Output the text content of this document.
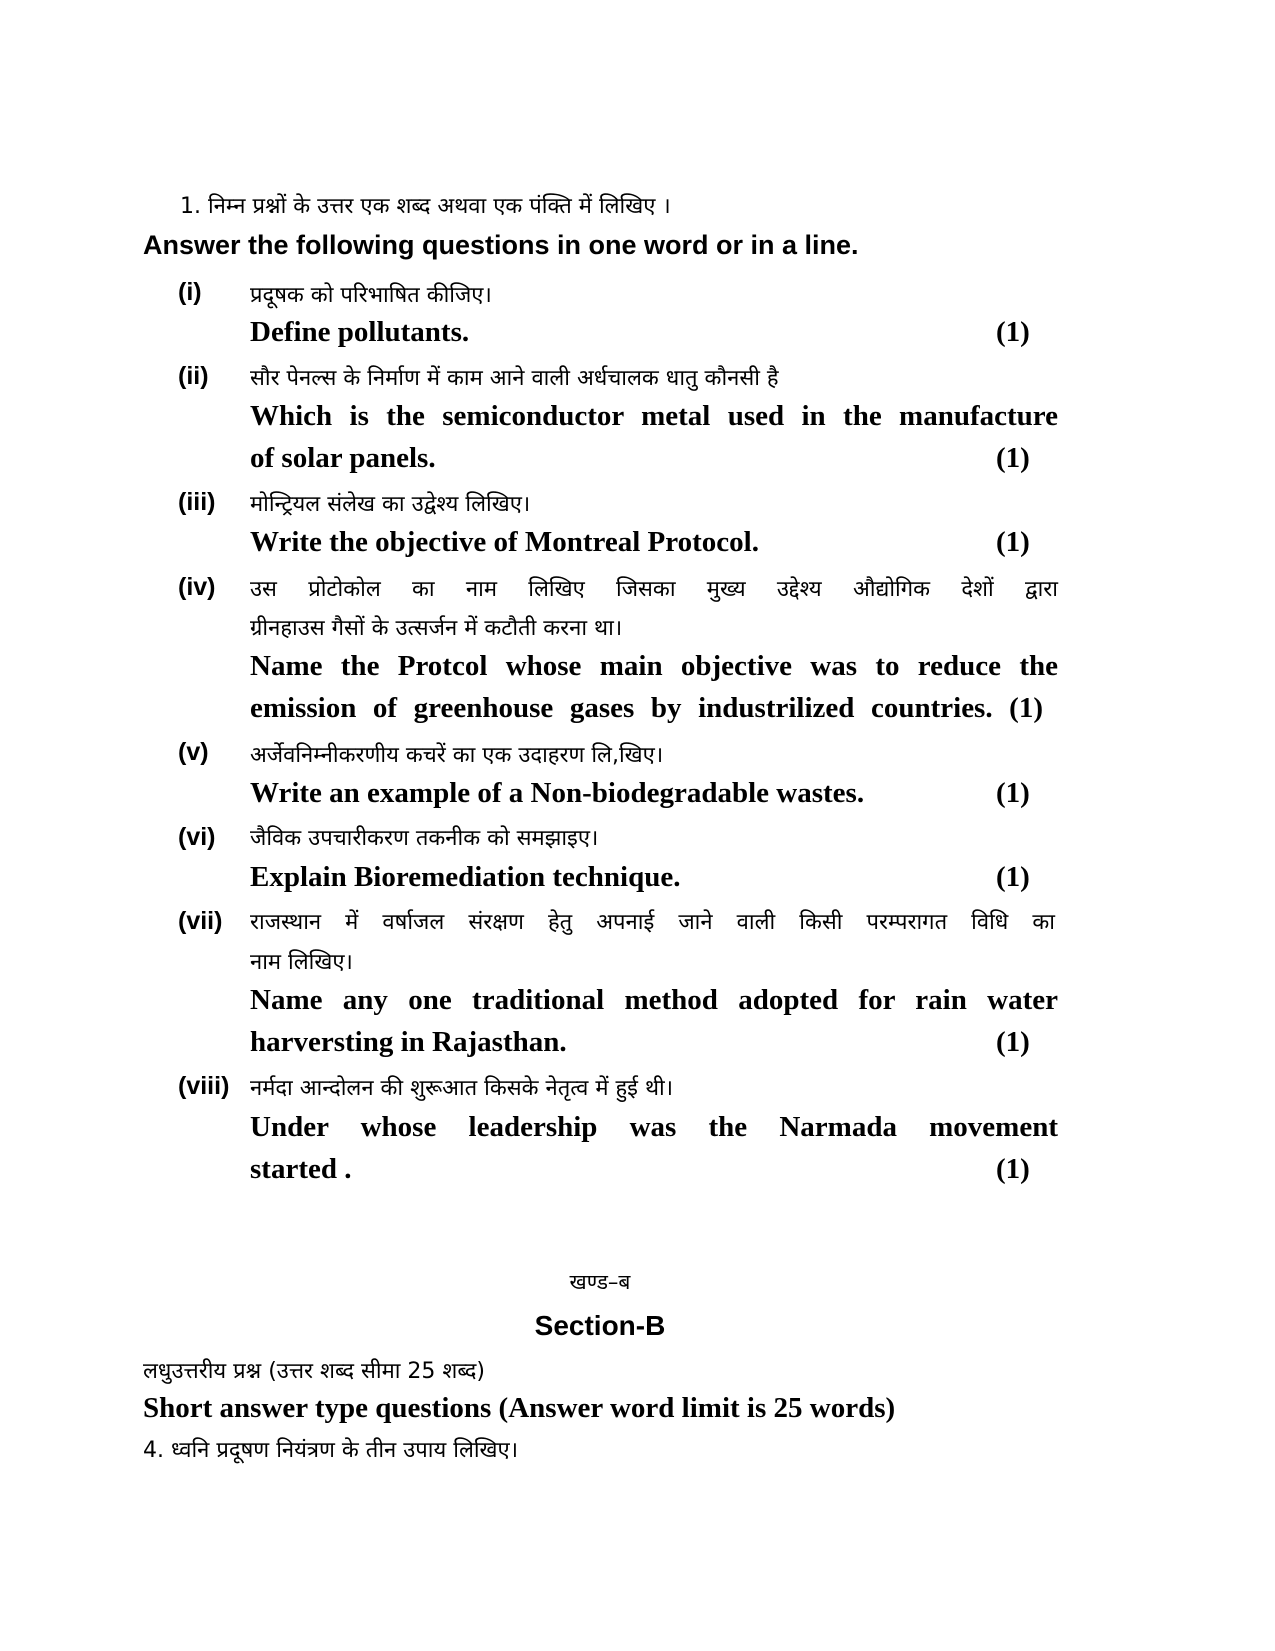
1. निम्न प्रश्नों के उत्तर एक शब्द अथवा एक पंक्ति में लिखिए ।
Answer the following questions in one word or in a line.
(i) प्रदूषक को परिभाषित कीजिए।
Define pollutants.	(1)
(ii) सौर पेनल्स के निर्माण में काम आने वाली अर्धचालक धातु कौनसी है
Which is the semiconductor metal used in the manufacture
of solar panels.	(1)
(iii) मोन्ट्रियल संलेख का उद्वेश्य लिखिए।
Write the objective of Montreal Protocol.	(1)
(iv) उस प्रोटोकोल का नाम लिखिए जिसका मुख्य उद्देश्य औद्योगिक देशों द्वारा
ग्रीनहाउस गैसों के उत्सर्जन में कटौती करना था।
Name the Protcol whose main objective was to reduce the
emission of greenhouse gases by industrilized countries. (1)
(v) अर्जेवनिम्नीकरणीय कचरें का एक उदाहरण लि,खिए।
Write an example of a Non-biodegradable wastes.	(1)
(vi) जैविक उपचारीकरण तकनीक को समझाइए।
Explain Bioremediation technique.	(1)
(vii) राजस्थान में वर्षाजल संरक्षण हेतु अपनाई जाने वाली किसी परम्परागत विधि का
नाम लिखिए।
Name any one traditional method adopted for rain water
harversting in Rajasthan.	(1)
(viii) नर्मदा आन्दोलन की शुरूआत किसके नेतृत्व में हुई थी।
Under whose leadership was the Narmada movement
started .	(1)
खण्ड–ब
Section-B
लधुउत्तरीय प्रश्न (उत्तर शब्द सीमा 25 शब्द)
Short answer type questions (Answer word limit is 25 words)
4. ध्वनि प्रदूषण नियंत्रण के तीन उपाय लिखिए।
